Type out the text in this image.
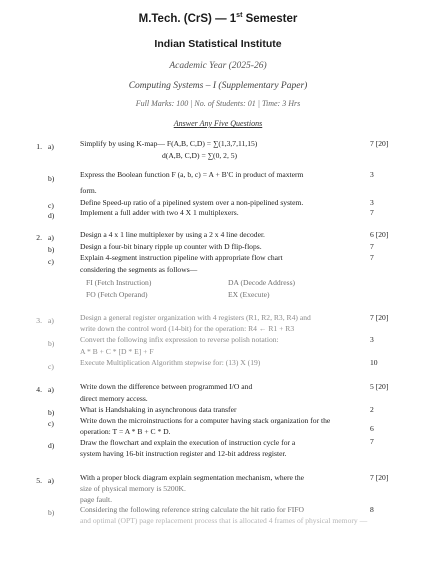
M.Tech. (CrS) — 1st Semester
Indian Statistical Institute
Academic Year (2025-26)
Computing Systems – I (Supplementary Paper)
Full Marks: 100 | No. of Students: 01 | Time: 3 Hrs
Answer Any Five Questions
1. a)	Simplify by using K-map— F(A,B, C,D) = ∑(1,3,7,11,15)
d(A,B, C,D) = ∑(0, 2, 5)
7 [20]
b)	Express the Boolean function F (a, b, c) = A + B′C in product of maxterm
form.
3
c)	Define Speed-up ratio of a pipelined system over a non-pipelined system.	3
d)	Implement a full adder with two 4 X 1 multiplexers.	7
2. a)	Design a 4 x 1 line multiplexer by using a 2 x 4 line decoder.	6 [20]
b)	Design a four-bit binary ripple up counter with D flip-flops.	7
c)	Explain 4-segment instruction pipeline with appropriate flow chart
considering the segments as follows—
7
FI (Fetch Instruction)	DA (Decode Address)
FO (Fetch Operand)	EX (Execute)
3. a)	Design a general register organization with 4 registers (R1, R2, R3, R4) and
write down the control word (14-bit) for the operation: R4 ← R1 + R3
7 [20]
b)	Convert the following infix expression to reverse polish notation:
A * B + C * [D * E] + F
3
c)	Execute Multiplication Algorithm stepwise for: (13) X (19)	10
4. a)	Write down the difference between programmed I/O and
direct memory access.
5 [20]
b)	What is Handshaking in asynchronous data transfer	2
c)	Write down the microinstructions for a computer having stack organization for the
operation: T = A * B + C * D.	6
d)	Draw the flowchart and explain the execution of instruction cycle for a
system having 16-bit instruction register and 12-bit address register.
7
5. a)	With a proper block diagram explain segmentation mechanism, where the
size of physical memory is 5200K.
page fault.
7 [20]
b)	Considering the following reference string calculate the hit ratio for FIFO
and optimal (OPT) page replacement process that is allocated 4 frames of physical memory —
8
